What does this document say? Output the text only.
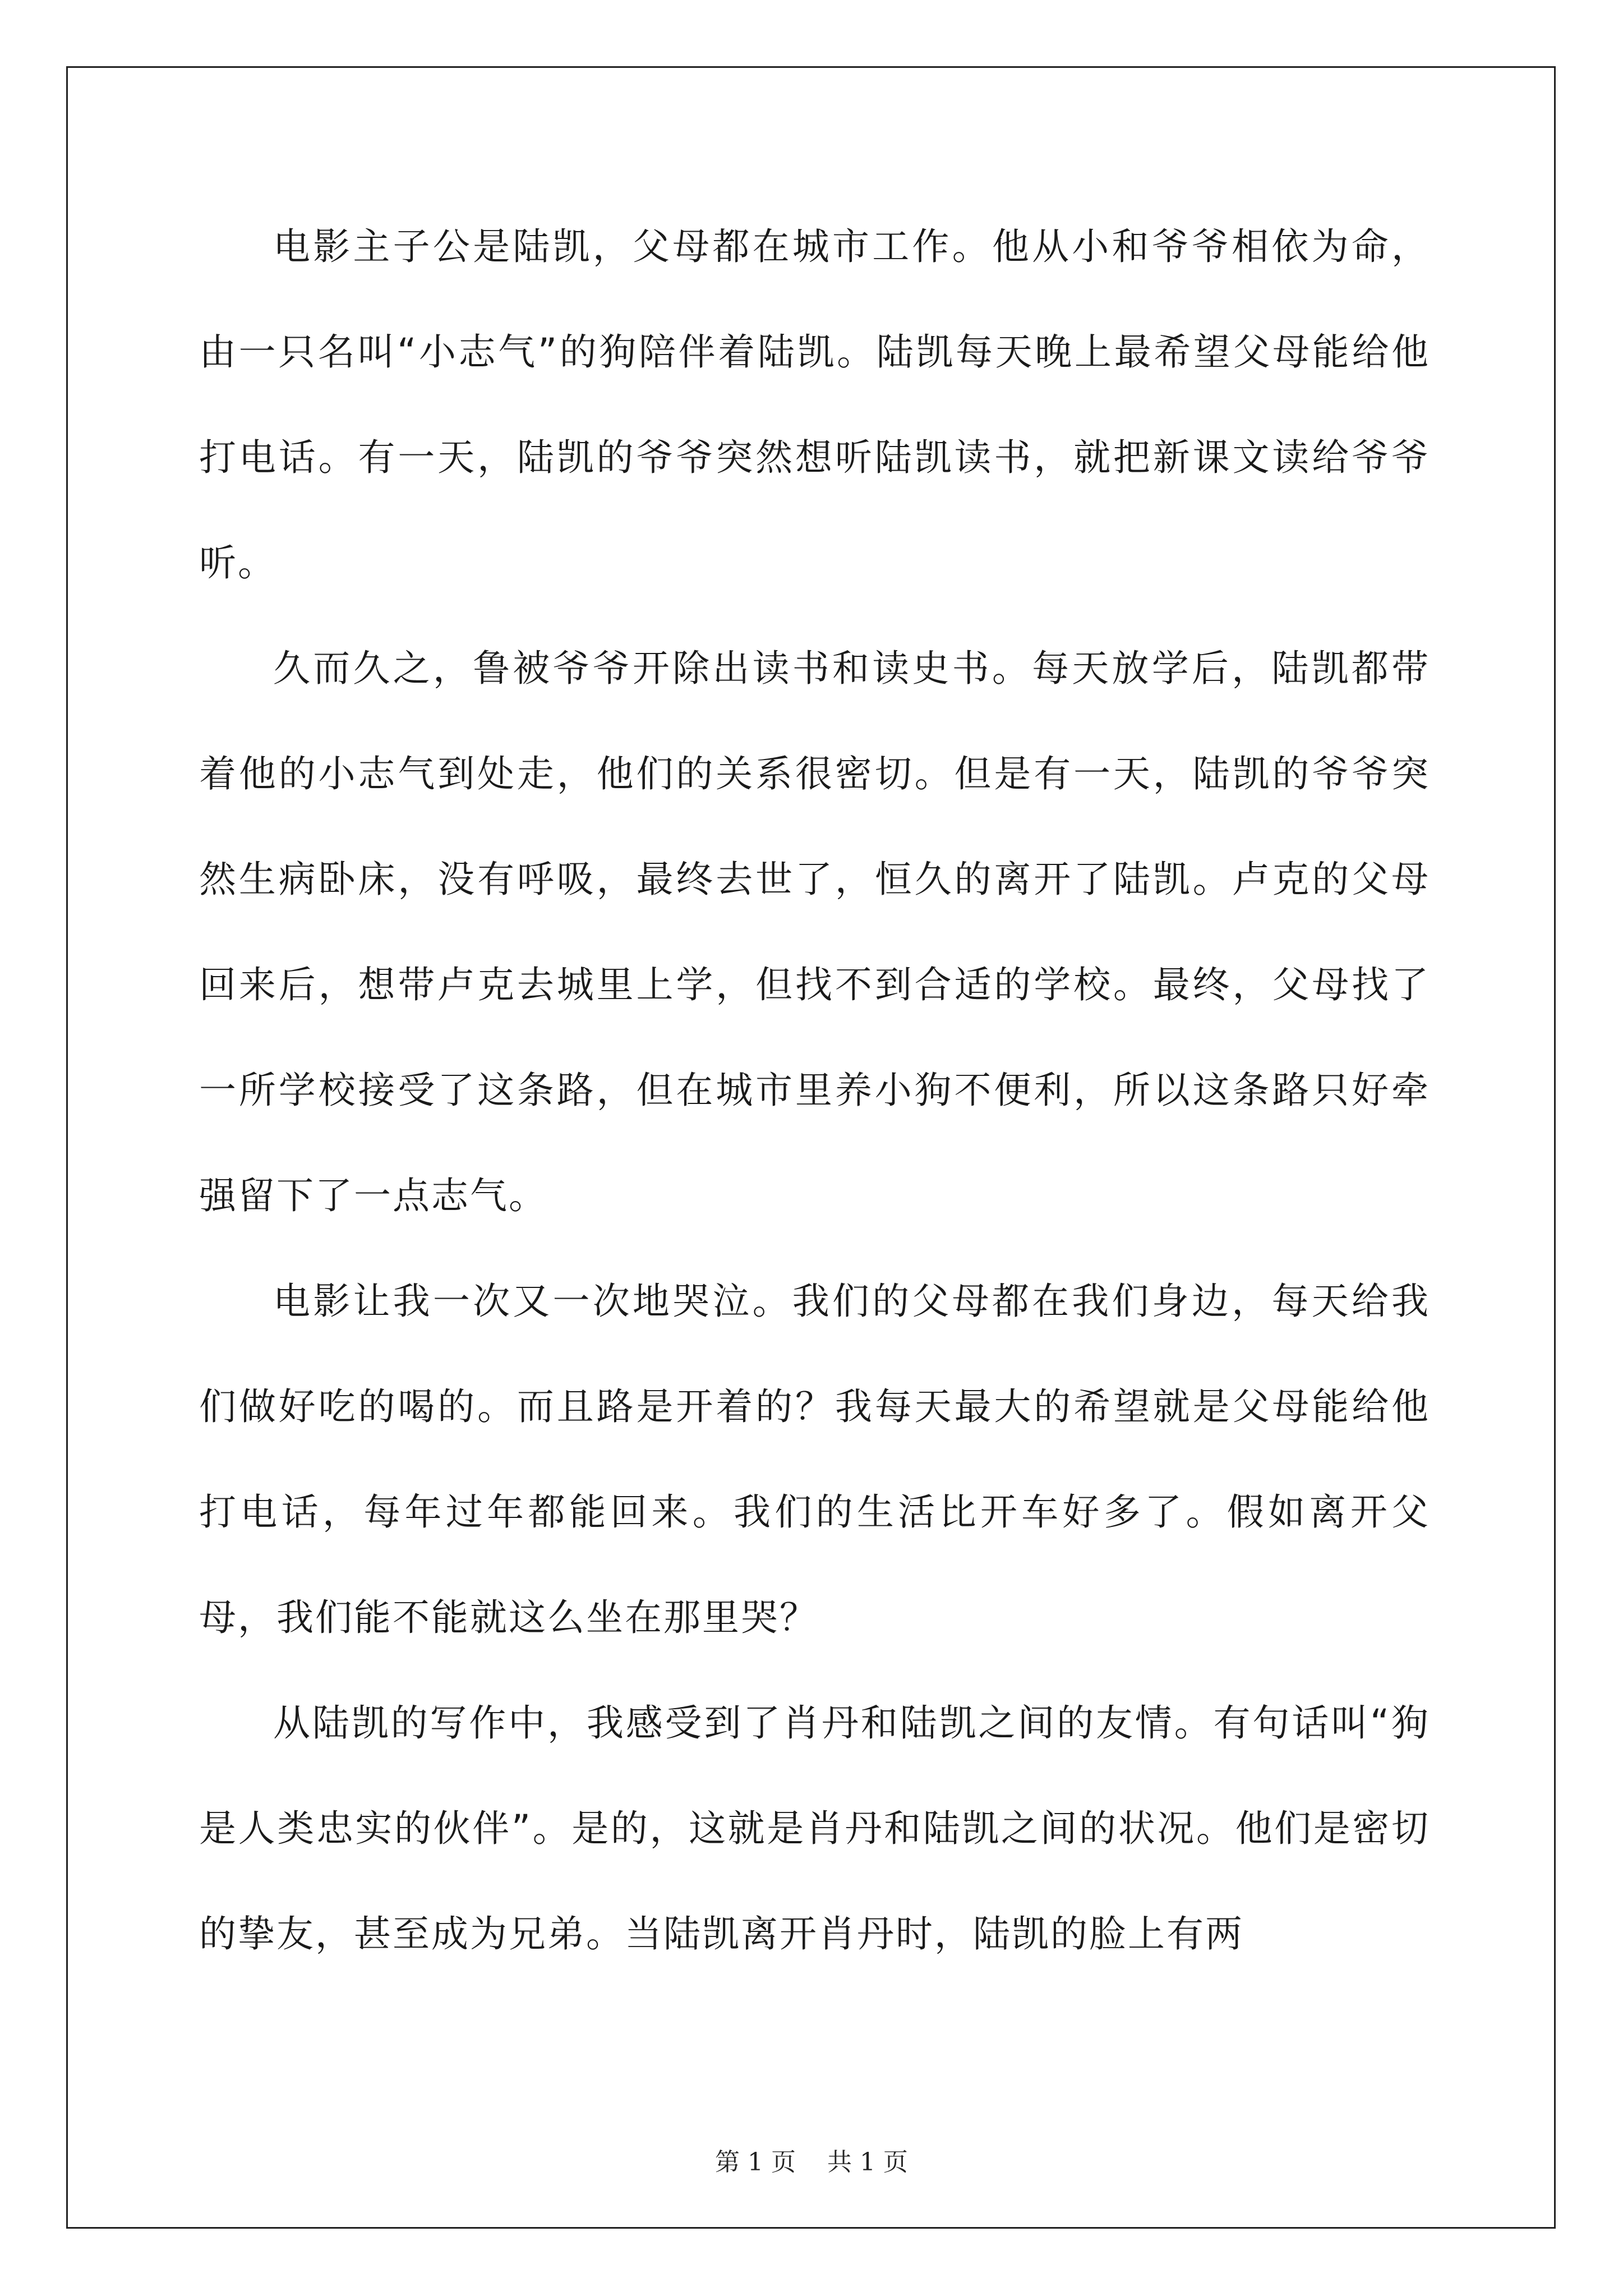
电影主子公是陆凯，父母都在城市工作。他从小和爷爷相依为命，由一只名叫“小志气”的狗陪伴着陆凯。陆凯每天晚上最希望父母能给他打电话。有一天，陆凯的爷爷突然想听陆凯读书，就把新课文读给爷爷听。

久而久之，鲁被爷爷开除出读书和读史书。每天放学后，陆凯都带着他的小志气到处走，他们的关系很密切。但是有一天，陆凯的爷爷突然生病卧床，没有呼吸，最终去世了，恒久的离开了陆凯。卢克的父母回来后，想带卢克去城里上学，但找不到合适的学校。最终，父母找了一所学校接受了这条路，但在城市里养小狗不便利，所以这条路只好牵强留下了一点志气。

电影让我一次又一次地哭泣。我们的父母都在我们身边，每天给我们做好吃的喝的。而且路是开着的？我每天最大的希望就是父母能给他打电话，每年过年都能回来。我们的生活比开车好多了。假如离开父母，我们能不能就这么坐在那里哭？

从陆凯的写作中，我感受到了肖丹和陆凯之间的友情。有句话叫“狗是人类忠实的伙伴”。是的，这就是肖丹和陆凯之间的状况。他们是密切的挚友，甚至成为兄弟。当陆凯离开肖丹时，陆凯的脸上有两

第 1 页 共 1 页
